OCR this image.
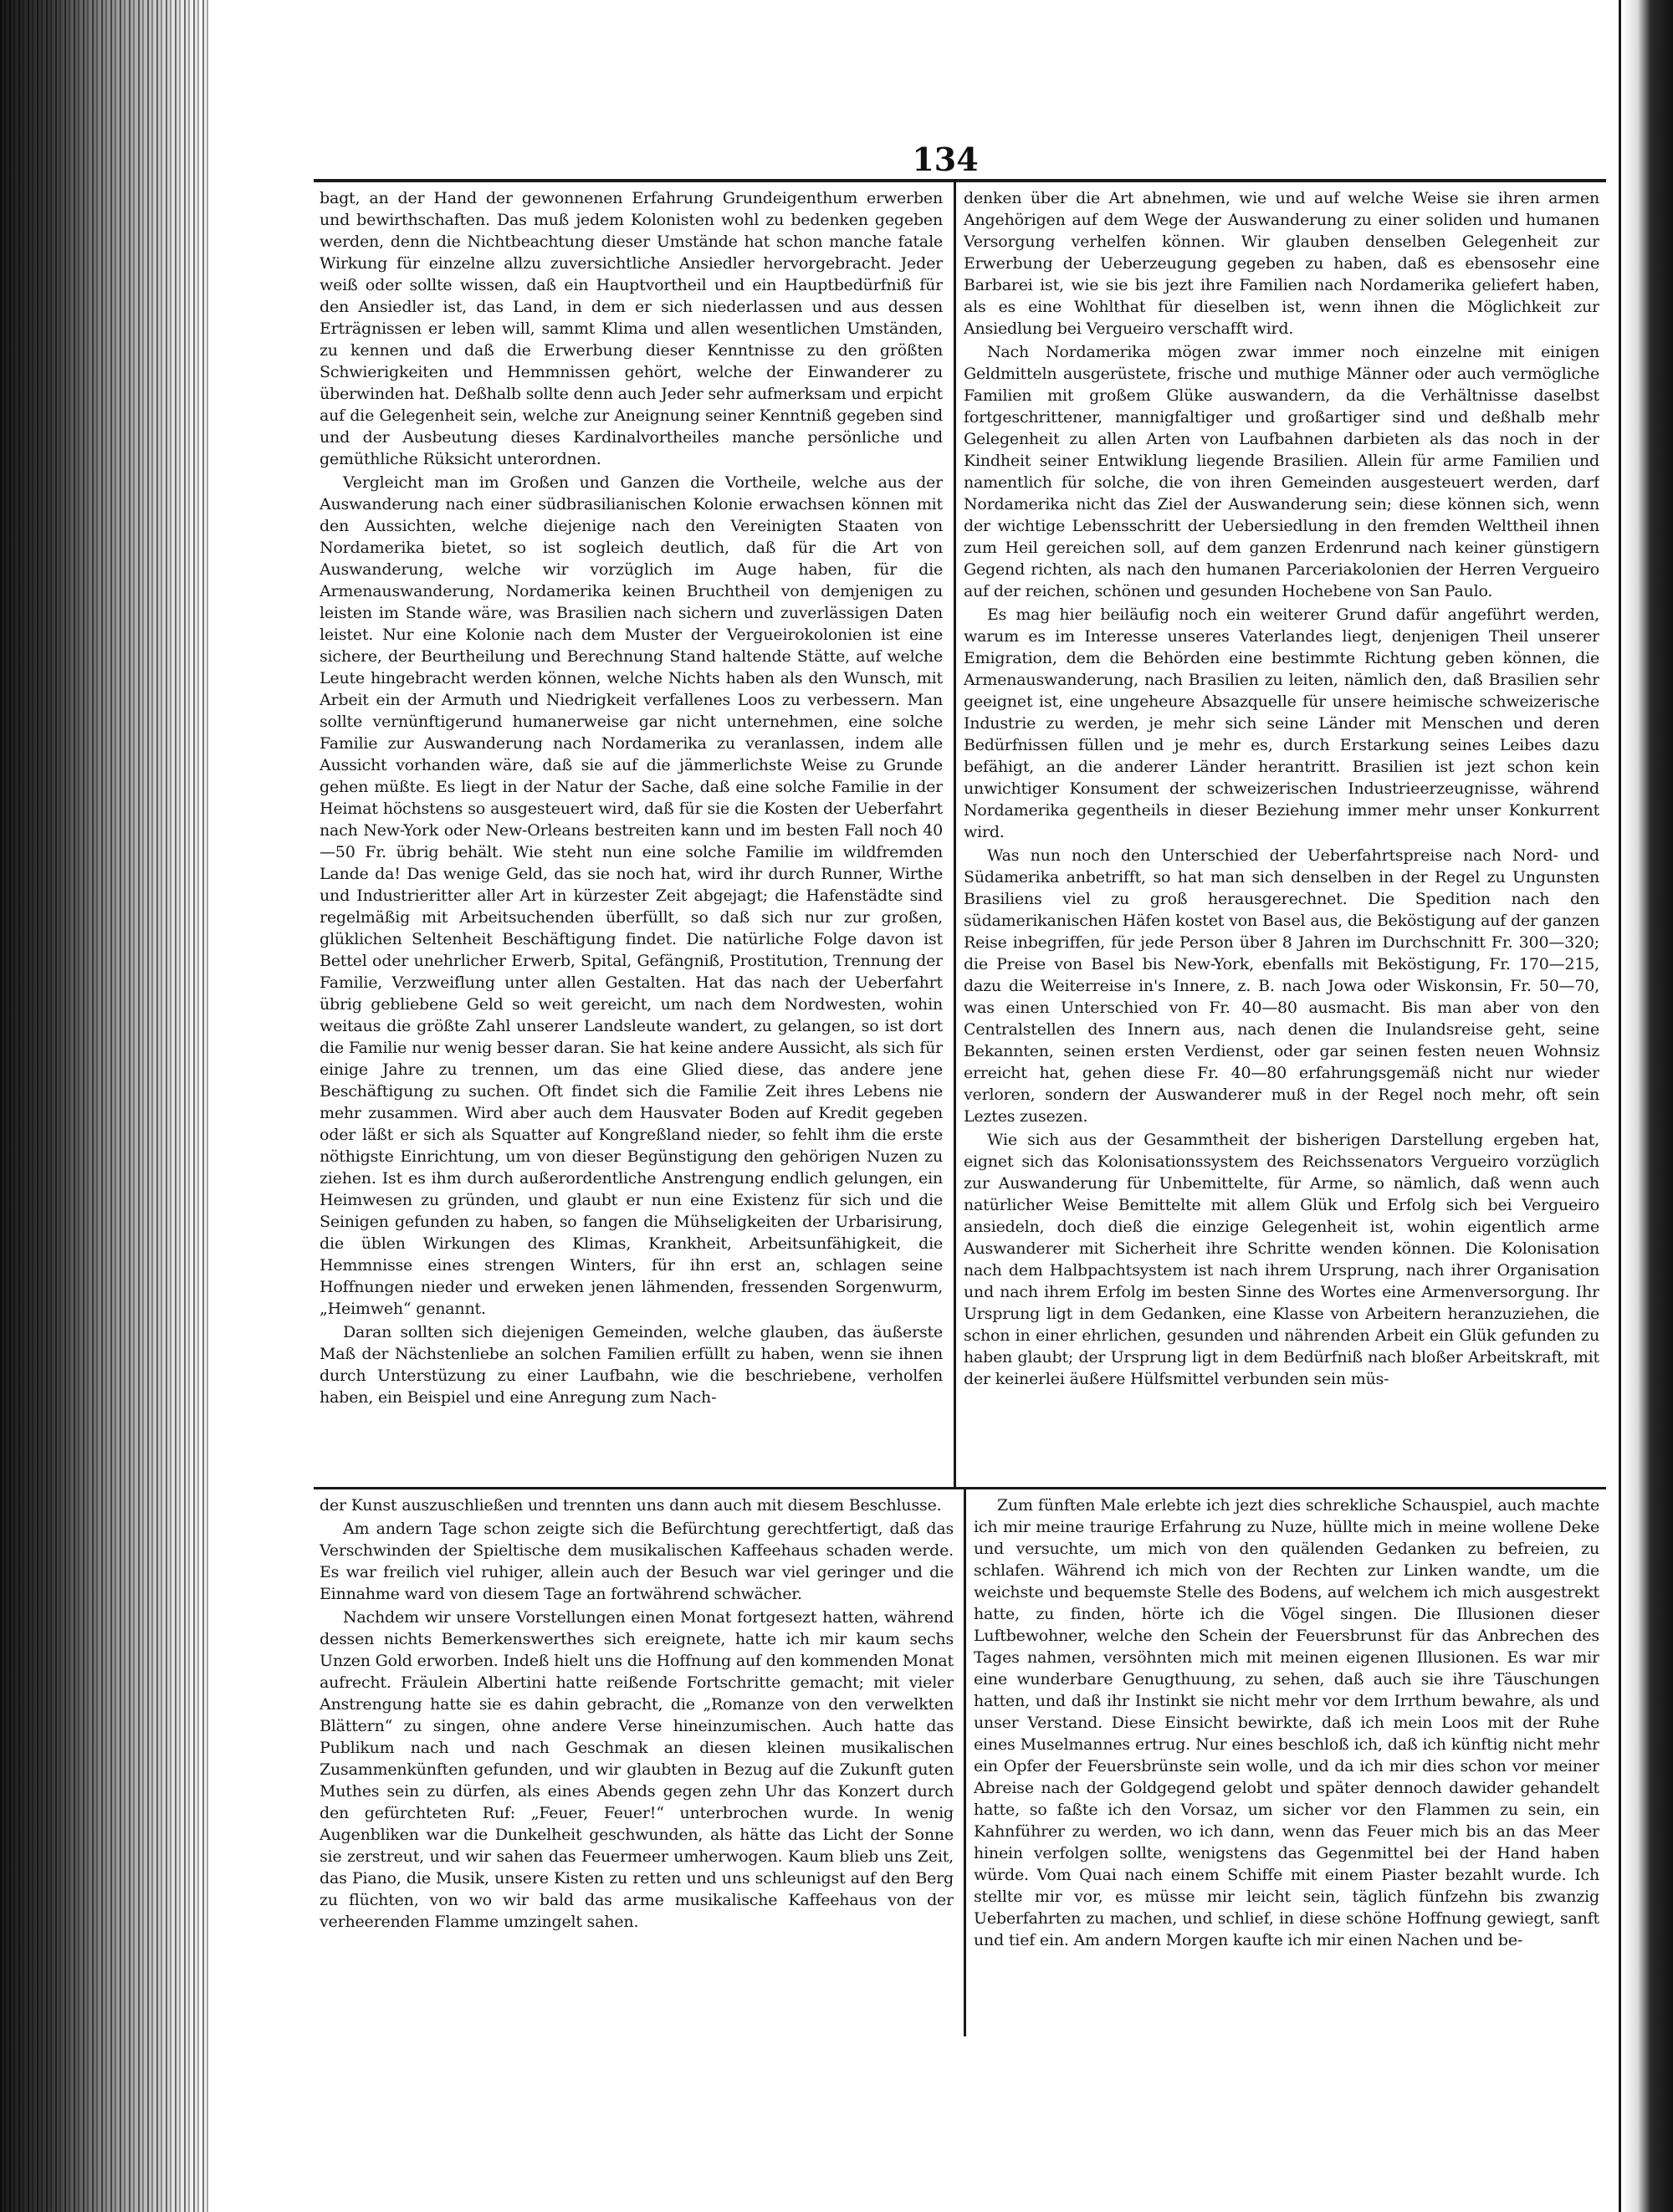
134

bagt, an der Hand der gewonnenen Erfahrung Grundeigenthum erwerben und bewirthschaften. Das muß jedem Kolonisten wohl zu bedenken gegeben werden, denn die Nichtbeachtung dieser Umstände hat schon manche fatale Wirkung für einzelne allzu zuversichtliche Ansiedler hervorgebracht. Jeder weiß oder sollte wissen, daß ein Hauptvortheil und ein Hauptbedürfniß für den Ansiedler ist, das Land, in dem er sich niederlassen und aus dessen Erträgnissen er leben will, sammt Klima und allen wesentlichen Umständen, zu kennen und daß die Erwerbung dieser Kenntnisse zu den größten Schwierigkeiten und Hemmnissen gehört, welche der Einwanderer zu überwinden hat. Deßhalb sollte denn auch Jeder sehr aufmerksam und erpicht auf die Gelegenheit sein, welche zur Aneignung seiner Kenntniß gegeben sind und der Ausbeutung dieses Kardinalvortheiles manche persönliche und gemüthliche Rüksicht unterordnen.

Vergleicht man im Großen und Ganzen die Vortheile, welche aus der Auswanderung nach einer südbrasilianischen Kolonie erwachsen können mit den Aussichten, welche diejenige nach den Vereinigten Staaten von Nordamerika bietet, so ist sogleich deutlich, daß für die Art von Auswanderung, welche wir vorzüglich im Auge haben, für die Armenauswanderung, Nordamerika keinen Bruchtheil von demjenigen zu leisten im Stande wäre, was Brasilien nach sichern und zuverlässigen Daten leistet. Nur eine Kolonie nach dem Muster der Vergueirokolonien ist eine sichere, der Beurtheilung und Berechnung Stand haltende Stätte, auf welche Leute hingebracht werden können, welche Nichts haben als den Wunsch, mit Arbeit ein der Armuth und Niedrigkeit verfallenes Loos zu verbessern. Man sollte vernünftigerund humanerweise gar nicht unternehmen, eine solche Familie zur Auswanderung nach Nordamerika zu veranlassen, indem alle Aussicht vorhanden wäre, daß sie auf die jämmerlichste Weise zu Grunde gehen müßte. Es liegt in der Natur der Sache, daß eine solche Familie in der Heimat höchstens so ausgesteuert wird, daß für sie die Kosten der Ueberfahrt nach New-York oder New-Orleans bestreiten kann und im besten Fall noch 40—50 Fr. übrig behält. Wie steht nun eine solche Familie im wildfremden Lande da! Das wenige Geld, das sie noch hat, wird ihr durch Runner, Wirthe und Industrieritter aller Art in kürzester Zeit abgejagt; die Hafenstädte sind regelmäßig mit Arbeitsuchenden überfüllt, so daß sich nur zur großen, glüklichen Seltenheit Beschäftigung findet. Die natürliche Folge davon ist Bettel oder unehrlicher Erwerb, Spital, Gefängniß, Prostitution, Trennung der Familie, Verzweiflung unter allen Gestalten. Hat das nach der Ueberfahrt übrig gebliebene Geld so weit gereicht, um nach dem Nordwesten, wohin weitaus die größte Zahl unserer Landsleute wandert, zu gelangen, so ist dort die Familie nur wenig besser daran. Sie hat keine andere Aussicht, als sich für einige Jahre zu trennen, um das eine Glied diese, das andere jene Beschäftigung zu suchen. Oft findet sich die Familie Zeit ihres Lebens nie mehr zusammen. Wird aber auch dem Hausvater Boden auf Kredit gegeben oder läßt er sich als Squatter auf Kongreßland nieder, so fehlt ihm die erste nöthigste Einrichtung, um von dieser Begünstigung den gehörigen Nuzen zu ziehen. Ist es ihm durch außerordentliche Anstrengung endlich gelungen, ein Heimwesen zu gründen, und glaubt er nun eine Existenz für sich und die Seinigen gefunden zu haben, so fangen die Mühseligkeiten der Urbarisirung, die üblen Wirkungen des Klimas, Krankheit, Arbeitsunfähigkeit, die Hemmnisse eines strengen Winters, für ihn erst an, schlagen seine Hoffnungen nieder und erweken jenen lähmenden, fressenden Sorgenwurm, „Heimweh“ genannt.

Daran sollten sich diejenigen Gemeinden, welche glauben, das äußerste Maß der Nächstenliebe an solchen Familien erfüllt zu haben, wenn sie ihnen durch Unterstüzung zu einer Laufbahn, wie die beschriebene, verholfen haben, ein Beispiel und eine Anregung zum Nach-

denken über die Art abnehmen, wie und auf welche Weise sie ihren armen Angehörigen auf dem Wege der Auswanderung zu einer soliden und humanen Versorgung verhelfen können. Wir glauben denselben Gelegenheit zur Erwerbung der Ueberzeugung gegeben zu haben, daß es ebensosehr eine Barbarei ist, wie sie bis jezt ihre Familien nach Nordamerika geliefert haben, als es eine Wohlthat für dieselben ist, wenn ihnen die Möglichkeit zur Ansiedlung bei Vergueiro verschafft wird.

Nach Nordamerika mögen zwar immer noch einzelne mit einigen Geldmitteln ausgerüstete, frische und muthige Männer oder auch vermögliche Familien mit großem Glüke auswandern, da die Verhältnisse daselbst fortgeschrittener, mannigfaltiger und großartiger sind und deßhalb mehr Gelegenheit zu allen Arten von Laufbahnen darbieten als das noch in der Kindheit seiner Entwiklung liegende Brasilien. Allein für arme Familien und namentlich für solche, die von ihren Gemeinden ausgesteuert werden, darf Nordamerika nicht das Ziel der Auswanderung sein; diese können sich, wenn der wichtige Lebensschritt der Uebersiedlung in den fremden Welttheil ihnen zum Heil gereichen soll, auf dem ganzen Erdenrund nach keiner günstigern Gegend richten, als nach den humanen Parceriakolonien der Herren Vergueiro auf der reichen, schönen und gesunden Hochebene von San Paulo.

Es mag hier beiläufig noch ein weiterer Grund dafür angeführt werden, warum es im Interesse unseres Vaterlandes liegt, denjenigen Theil unserer Emigration, dem die Behörden eine bestimmte Richtung geben können, die Armenauswanderung, nach Brasilien zu leiten, nämlich den, daß Brasilien sehr geeignet ist, eine ungeheure Absazquelle für unsere heimische schweizerische Industrie zu werden, je mehr sich seine Länder mit Menschen und deren Bedürfnissen füllen und je mehr es, durch Erstarkung seines Leibes dazu befähigt, an die anderer Länder herantritt. Brasilien ist jezt schon kein unwichtiger Konsument der schweizerischen Industrieerzeugnisse, während Nordamerika gegentheils in dieser Beziehung immer mehr unser Konkurrent wird.

Was nun noch den Unterschied der Ueberfahrtspreise nach Nord- und Südamerika anbetrifft, so hat man sich denselben in der Regel zu Ungunsten Brasiliens viel zu groß herausgerechnet. Die Spedition nach den südamerikanischen Häfen kostet von Basel aus, die Beköstigung auf der ganzen Reise inbegriffen, für jede Person über 8 Jahren im Durchschnitt Fr. 300—320; die Preise von Basel bis New-York, ebenfalls mit Beköstigung, Fr. 170—215, dazu die Weiterreise in's Innere, z. B. nach Jowa oder Wiskonsin, Fr. 50—70, was einen Unterschied von Fr. 40—80 ausmacht. Bis man aber von den Centralstellen des Innern aus, nach denen die Inulandsreise geht, seine Bekannten, seinen ersten Verdienst, oder gar seinen festen neuen Wohnsiz erreicht hat, gehen diese Fr. 40—80 erfahrungsgemäß nicht nur wieder verloren, sondern der Auswanderer muß in der Regel noch mehr, oft sein Leztes zusezen.

Wie sich aus der Gesammtheit der bisherigen Darstellung ergeben hat, eignet sich das Kolonisationssystem des Reichssenators Vergueiro vorzüglich zur Auswanderung für Unbemittelte, für Arme, so nämlich, daß wenn auch natürlicher Weise Bemittelte mit allem Glük und Erfolg sich bei Vergueiro ansiedeln, doch dieß die einzige Gelegenheit ist, wohin eigentlich arme Auswanderer mit Sicherheit ihre Schritte wenden können. Die Kolonisation nach dem Halbpachtsystem ist nach ihrem Ursprung, nach ihrer Organisation und nach ihrem Erfolg im besten Sinne des Wortes eine Armenversorgung. Ihr Ursprung ligt in dem Gedanken, eine Klasse von Arbeitern heranzuziehen, die schon in einer ehrlichen, gesunden und nährenden Arbeit ein Glük gefunden zu haben glaubt; der Ursprung ligt in dem Bedürfniß nach bloßer Arbeitskraft, mit der keinerlei äußere Hülfsmittel verbunden sein müs-

der Kunst auszuschließen und trennten uns dann auch mit diesem Beschlusse.

Am andern Tage schon zeigte sich die Befürchtung gerechtfertigt, daß das Verschwinden der Spieltische dem musikalischen Kaffeehaus schaden werde. Es war freilich viel ruhiger, allein auch der Besuch war viel geringer und die Einnahme ward von diesem Tage an fortwährend schwächer.

Nachdem wir unsere Vorstellungen einen Monat fortgesezt hatten, während dessen nichts Bemerkenswerthes sich ereignete, hatte ich mir kaum sechs Unzen Gold erworben. Indeß hielt uns die Hoffnung auf den kommenden Monat aufrecht. Fräulein Albertini hatte reißende Fortschritte gemacht; mit vieler Anstrengung hatte sie es dahin gebracht, die „Romanze von den verwelkten Blättern“ zu singen, ohne andere Verse hineinzumischen. Auch hatte das Publikum nach und nach Geschmak an diesen kleinen musikalischen Zusammenkünften gefunden, und wir glaubten in Bezug auf die Zukunft guten Muthes sein zu dürfen, als eines Abends gegen zehn Uhr das Konzert durch den gefürchteten Ruf: „Feuer, Feuer!“ unterbrochen wurde. In wenig Augenbliken war die Dunkelheit geschwunden, als hätte das Licht der Sonne sie zerstreut, und wir sahen das Feuermeer umherwogen. Kaum blieb uns Zeit, das Piano, die Musik, unsere Kisten zu retten und uns schleunigst auf den Berg zu flüchten, von wo wir bald das arme musikalische Kaffeehaus von der verheerenden Flamme umzingelt sahen.

Zum fünften Male erlebte ich jezt dies schrekliche Schauspiel, auch machte ich mir meine traurige Erfahrung zu Nuze, hüllte mich in meine wollene Deke und versuchte, um mich von den quälenden Gedanken zu befreien, zu schlafen. Während ich mich von der Rechten zur Linken wandte, um die weichste und bequemste Stelle des Bodens, auf welchem ich mich ausgestrekt hatte, zu finden, hörte ich die Vögel singen. Die Illusionen dieser Luftbewohner, welche den Schein der Feuersbrunst für das Anbrechen des Tages nahmen, versöhnten mich mit meinen eigenen Illusionen. Es war mir eine wunderbare Genugthuung, zu sehen, daß auch sie ihre Täuschungen hatten, und daß ihr Instinkt sie nicht mehr vor dem Irrthum bewahre, als und unser Verstand. Diese Einsicht bewirkte, daß ich mein Loos mit der Ruhe eines Muselmannes ertrug. Nur eines beschloß ich, daß ich künftig nicht mehr ein Opfer der Feuersbrünste sein wolle, und da ich mir dies schon vor meiner Abreise nach der Goldgegend gelobt und später dennoch dawider gehandelt hatte, so faßte ich den Vorsaz, um sicher vor den Flammen zu sein, ein Kahnführer zu werden, wo ich dann, wenn das Feuer mich bis an das Meer hinein verfolgen sollte, wenigstens das Gegenmittel bei der Hand haben würde. Vom Quai nach einem Schiffe mit einem Piaster bezahlt wurde. Ich stellte mir vor, es müsse mir leicht sein, täglich fünfzehn bis zwanzig Ueberfahrten zu machen, und schlief, in diese schöne Hoffnung gewiegt, sanft und tief ein. Am andern Morgen kaufte ich mir einen Nachen und be-
